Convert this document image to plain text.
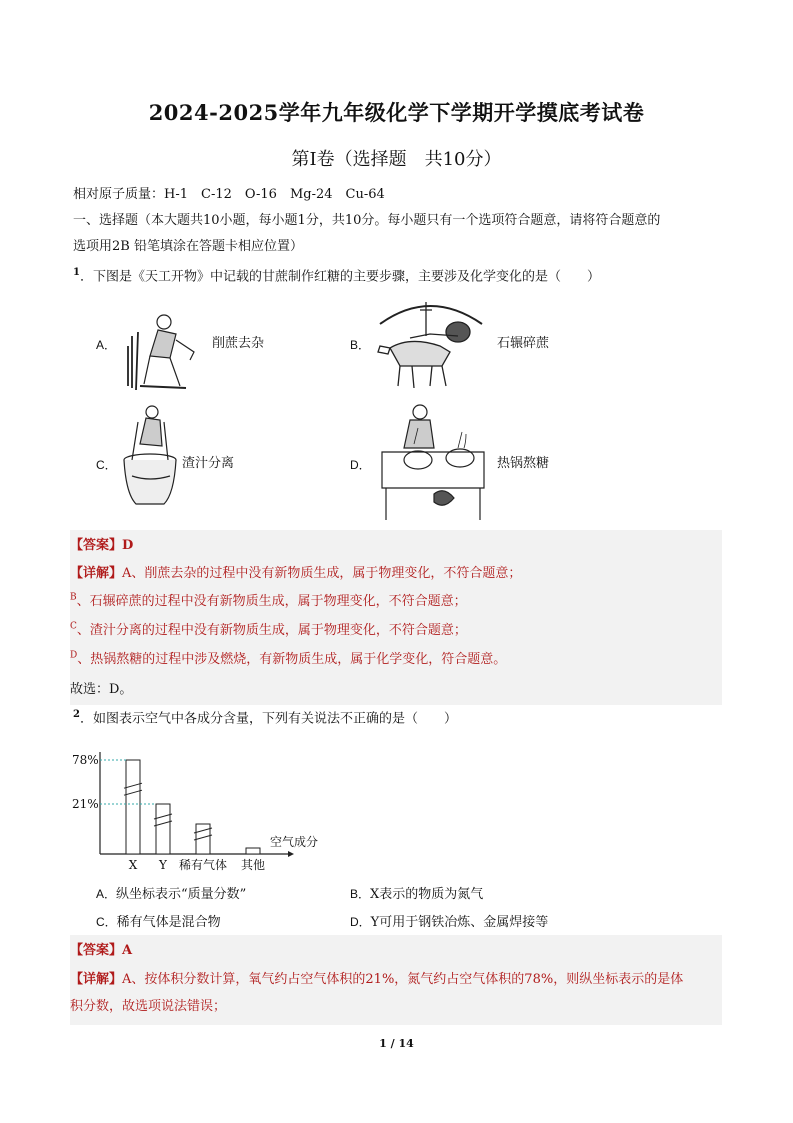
2024-2025学年九年级化学下学期开学摸底考试卷
第Ⅰ卷（选择题　共10分）
相对原子质量：H-1　C-12　O-16　Mg-24　Cu-64
一、选择题（本大题共10小题，每小题1分，共10分。每小题只有一个选项符合题意，请将符合题意的
选项用2B 铅笔填涂在答题卡相应位置）
$^1$．下图是《天工开物》中记载的甘蔗制作红糖的主要步骤，主要涉及化学变化的是（　　）
A．	削蔗去杂	B．	石辗碎蔗
C．	渣汁分离	D．	热锅熬糖
【答案】D
【详解】A、削蔗去杂的过程中没有新物质生成，属于物理变化，不符合题意；
$^B$、石辗碎蔗的过程中没有新物质生成，属于物理变化，不符合题意；
$^C$、渣汁分离的过程中没有新物质生成，属于物理变化，不符合题意；
$^D$、热锅熬糖的过程中涉及燃烧，有新物质生成，属于化学变化，符合题意。
故选：D。
$^2$．如图表示空气中各成分含量，下列有关说法不正确的是（　　）
78%
21%
X Y 稀有气体 其他
空气成分
A．纵坐标表示“质量分数”	B．X表示的物质为氮气
C．稀有气体是混合物	D．Y可用于钢铁冶炼、金属焊接等
【答案】A
【详解】A、按体积分数计算，氧气约占空气体积的21%，氮气约占空气体积的78%，则纵坐标表示的是体
积分数，故选项说法错误；
1 / 14
